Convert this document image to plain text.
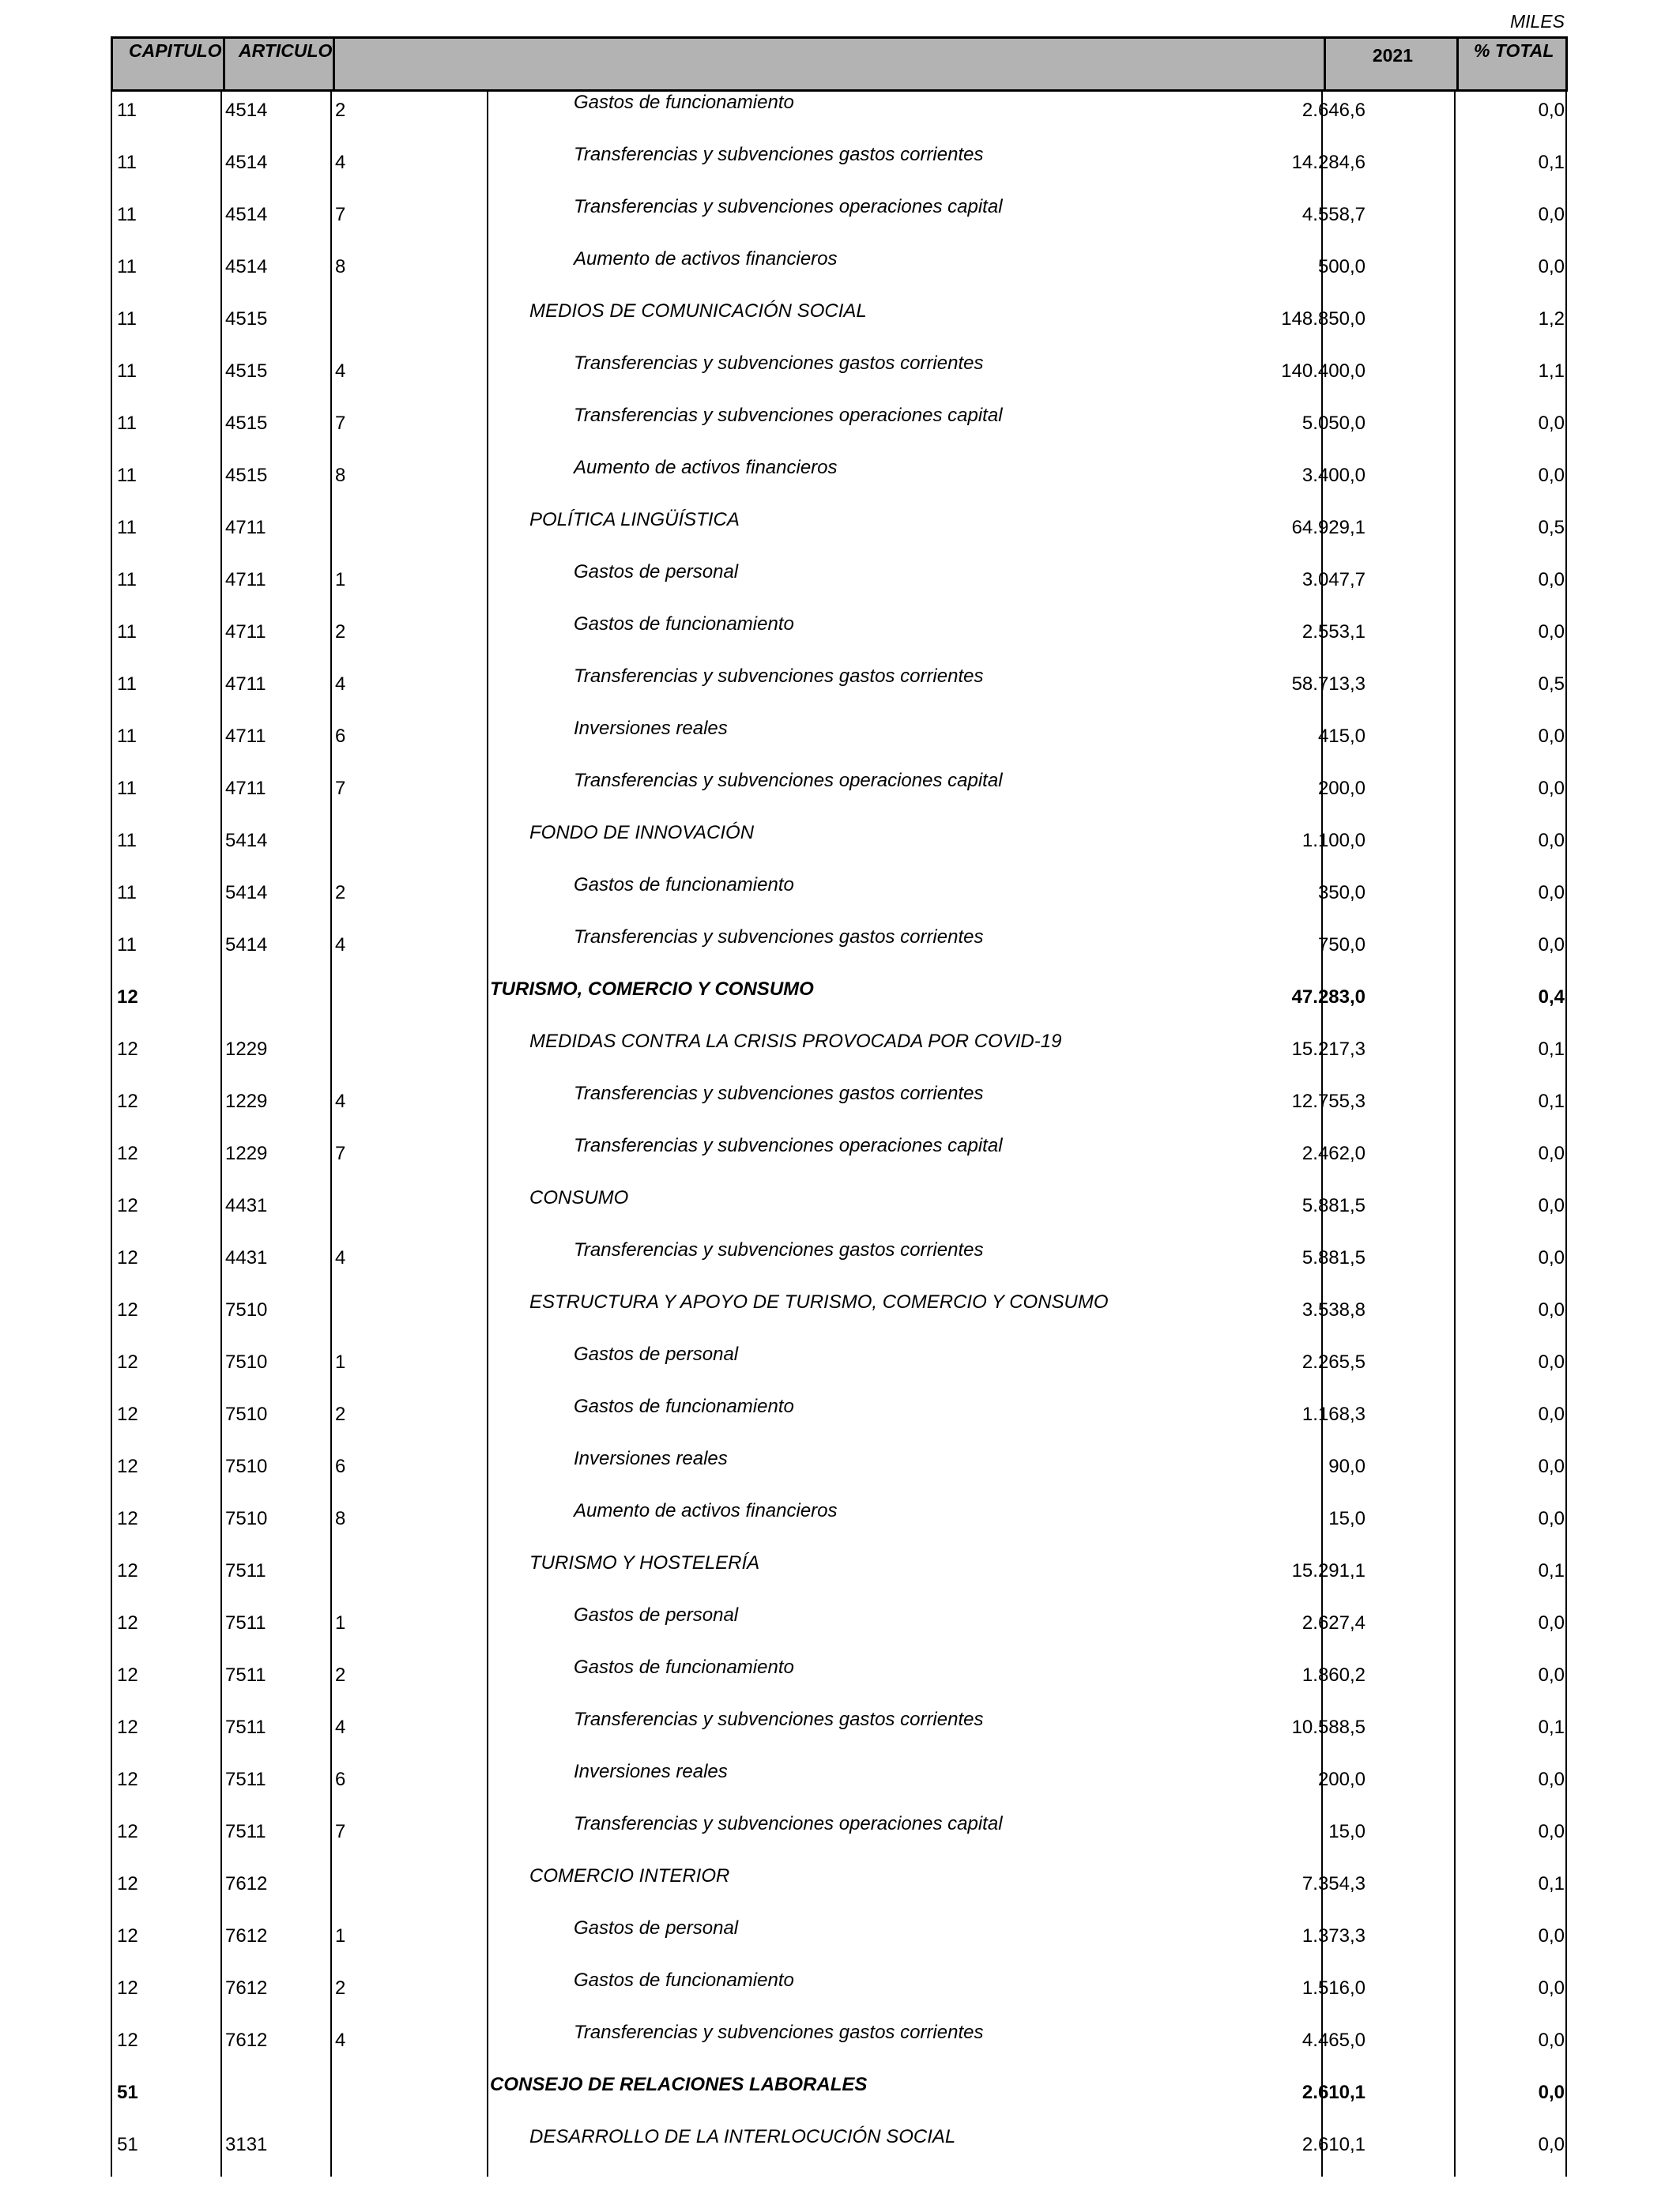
MILES
CAPITULO ARTICULO	2021	% TOTAL
11	4514	2	Gastos de funcionamiento	2.646,6	0,0
11	4514	4	Transferencias y subvenciones gastos corrientes	14.284,6	0,1
11	4514	7	Transferencias y subvenciones operaciones capital	4.558,7	0,0
11	4514	8	Aumento de activos financieros	500,0	0,0
11	4515	MEDIOS DE COMUNICACIÓN SOCIAL	148.850,0	1,2
11	4515	4	Transferencias y subvenciones gastos corrientes	140.400,0	1,1
11	4515	7	Transferencias y subvenciones operaciones capital	5.050,0	0,0
11	4515	8	Aumento de activos financieros	3.400,0	0,0
11	4711	POLÍTICA LINGÜÍSTICA	64.929,1	0,5
11	4711	1	Gastos de personal	3.047,7	0,0
11	4711	2	Gastos de funcionamiento	2.553,1	0,0
11	4711	4	Transferencias y subvenciones gastos corrientes	58.713,3	0,5
11	4711	6	Inversiones reales	415,0	0,0
11	4711	7	Transferencias y subvenciones operaciones capital	200,0	0,0
11	5414	FONDO DE INNOVACIÓN	1.100,0	0,0
11	5414	2	Gastos de funcionamiento	350,0	0,0
11	5414	4	Transferencias y subvenciones gastos corrientes	750,0	0,0
12	TURISMO, COMERCIO Y CONSUMO	47.283,0	0,4
12	1229	MEDIDAS CONTRA LA CRISIS PROVOCADA POR COVID-19	15.217,3	0,1
12	1229	4	Transferencias y subvenciones gastos corrientes	12.755,3	0,1
12	1229	7	Transferencias y subvenciones operaciones capital	2.462,0	0,0
12	4431	CONSUMO	5.881,5	0,0
12	4431	4	Transferencias y subvenciones gastos corrientes	5.881,5	0,0
12	7510	ESTRUCTURA Y APOYO DE TURISMO, COMERCIO Y CONSUMO	3.538,8	0,0
12	7510	1	Gastos de personal	2.265,5	0,0
12	7510	2	Gastos de funcionamiento	1.168,3	0,0
12	7510	6	Inversiones reales	90,0	0,0
12	7510	8	Aumento de activos financieros	15,0	0,0
12	7511	TURISMO Y HOSTELERÍA	15.291,1	0,1
12	7511	1	Gastos de personal	2.627,4	0,0
12	7511	2	Gastos de funcionamiento	1.860,2	0,0
12	7511	4	Transferencias y subvenciones gastos corrientes	10.588,5	0,1
12	7511	6	Inversiones reales	200,0	0,0
12	7511	7	Transferencias y subvenciones operaciones capital	15,0	0,0
12	7612	COMERCIO INTERIOR	7.354,3	0,1
12	7612	1	Gastos de personal	1.373,3	0,0
12	7612	2	Gastos de funcionamiento	1.516,0	0,0
12	7612	4	Transferencias y subvenciones gastos corrientes	4.465,0	0,0
51	CONSEJO DE RELACIONES LABORALES	2.610,1	0,0
51	3131	DESARROLLO DE LA INTERLOCUCIÓN SOCIAL	2.610,1	0,0
